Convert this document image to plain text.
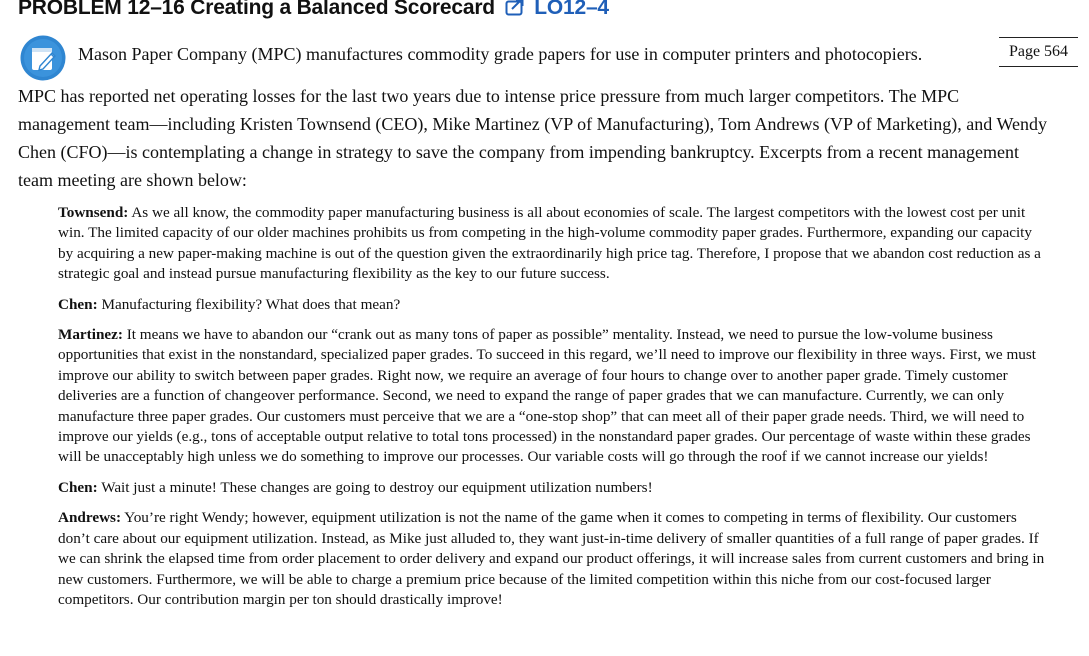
PROBLEM 12–16 Creating a Balanced Scorecard LO12–4
Page 564
Mason Paper Company (MPC) manufactures commodity grade papers for use in computer printers and photocopiers.
MPC has reported net operating losses for the last two years due to intense price pressure from much larger competitors. The MPC management team—including Kristen Townsend (CEO), Mike Martinez (VP of Manufacturing), Tom Andrews (VP of Marketing), and Wendy Chen (CFO)—is contemplating a change in strategy to save the company from impending bankruptcy. Excerpts from a recent management team meeting are shown below:

Townsend: As we all know, the commodity paper manufacturing business is all about economies of scale. The largest competitors with the lowest cost per unit win. The limited capacity of our older machines prohibits us from competing in the high-volume commodity paper grades. Furthermore, expanding our capacity by acquiring a new paper-making machine is out of the question given the extraordinarily high price tag. Therefore, I propose that we abandon cost reduction as a strategic goal and instead pursue manufacturing flexibility as the key to our future success.

Chen: Manufacturing flexibility? What does that mean?

Martinez: It means we have to abandon our “crank out as many tons of paper as possible” mentality. Instead, we need to pursue the low-volume business opportunities that exist in the nonstandard, specialized paper grades. To succeed in this regard, we’ll need to improve our flexibility in three ways. First, we must improve our ability to switch between paper grades. Right now, we require an average of four hours to change over to another paper grade. Timely customer deliveries are a function of changeover performance. Second, we need to expand the range of paper grades that we can manufacture. Currently, we can only manufacture three paper grades. Our customers must perceive that we are a “one-stop shop” that can meet all of their paper grade needs. Third, we will need to improve our yields (e.g., tons of acceptable output relative to total tons processed) in the nonstandard paper grades. Our percentage of waste within these grades will be unacceptably high unless we do something to improve our processes. Our variable costs will go through the roof if we cannot increase our yields!

Chen: Wait just a minute! These changes are going to destroy our equipment utilization numbers!

Andrews: You’re right Wendy; however, equipment utilization is not the name of the game when it comes to competing in terms of flexibility. Our customers don’t care about our equipment utilization. Instead, as Mike just alluded to, they want just-in-time delivery of smaller quantities of a full range of paper grades. If we can shrink the elapsed time from order placement to order delivery and expand our product offerings, it will increase sales from current customers and bring in new customers. Furthermore, we will be able to charge a premium price because of the limited competition within this niche from our cost-focused larger competitors. Our contribution margin per ton should drastically improve!
